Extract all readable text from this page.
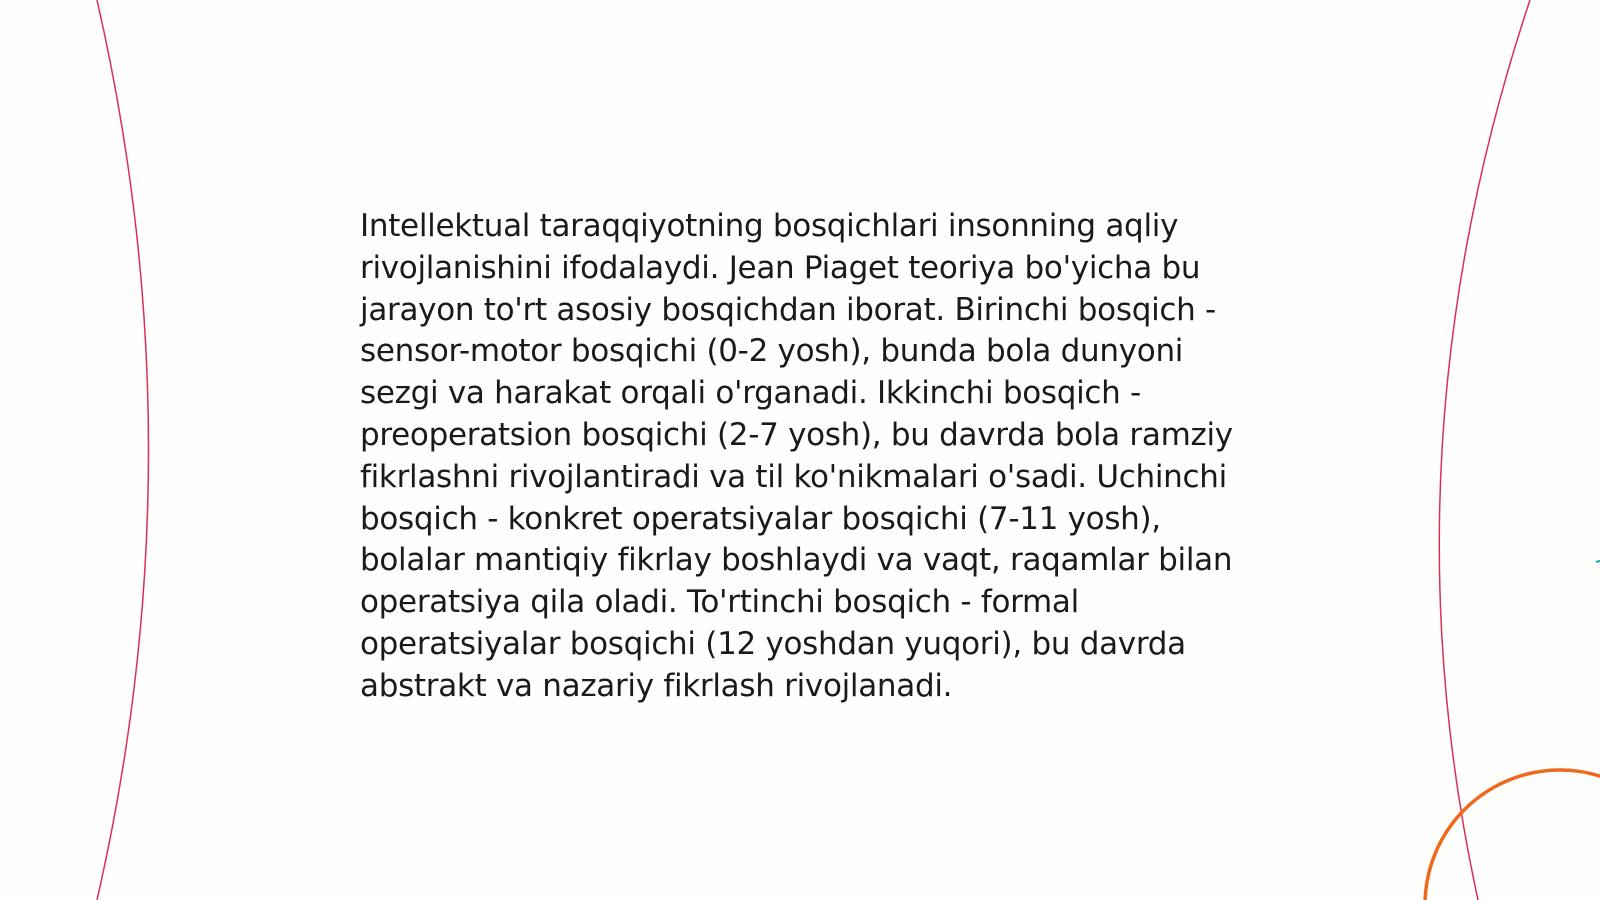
Intellektual taraqqiyotning bosqichlari insonning aqliy rivojlanishini ifodalaydi. Jean Piaget teoriya bo'yicha bu jarayon to'rt asosiy bosqichdan iborat. Birinchi bosqich - sensor-motor bosqichi (0-2 yosh), bunda bola dunyoni sezgi va harakat orqali o'rganadi. Ikkinchi bosqich - preoperatsion bosqichi (2-7 yosh), bu davrda bola ramziy fikrlashni rivojlantiradi va til ko'nikmalari o'sadi. Uchinchi bosqich - konkret operatsiyalar bosqichi (7-11 yosh), bolalar mantiqiy fikrlay boshlaydi va vaqt, raqamlar bilan operatsiya qila oladi. To'rtinchi bosqich - formal operatsiyalar bosqichi (12 yoshdan yuqori), bu davrda abstrakt va nazariy fikrlash rivojlanadi.
